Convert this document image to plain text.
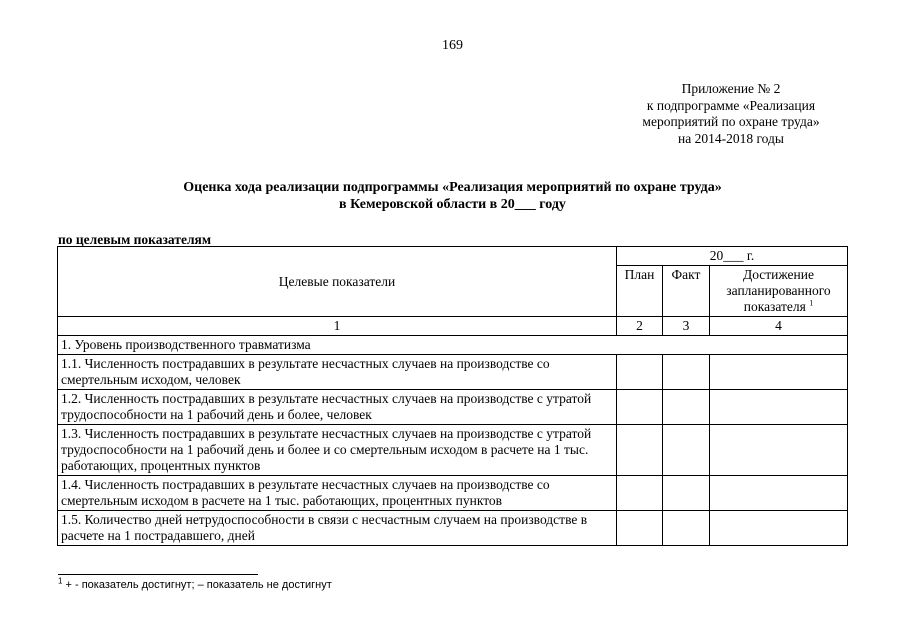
169
Приложение № 2
к подпрограмме «Реализация
мероприятий по охране труда»
на 2014-2018 годы
Оценка хода реализации подпрограммы «Реализация мероприятий по охране труда»
в Кемеровской области в 20___ году
по целевым показателям
Целевые показатели	20___ г.		
	План	Факт	Достижение запланированного показателя $^1$
1	2	3	4
1. Уровень производственного травматизма			
1.1. Численность пострадавших в результате несчастных случаев на производстве со смертельным исходом, человек			
1.2. Численность пострадавших в результате несчастных случаев на производстве с утратой трудоспособности на 1 рабочий день и более, человек			
1.3. Численность пострадавших в результате несчастных случаев на производстве с утратой трудоспособности на 1 рабочий день и более и со смертельным исходом в расчете на 1 тыс. работающих, процентных пунктов			
1.4. Численность пострадавших в результате несчастных случаев на производстве со смертельным исходом в расчете на 1 тыс. работающих, процентных пунктов			
1.5. Количество дней нетрудоспособности в связи с несчастным случаем на производстве в расчете на 1 пострадавшего, дней			
$^1$ + - показатель достигнут; – показатель не достигнут
